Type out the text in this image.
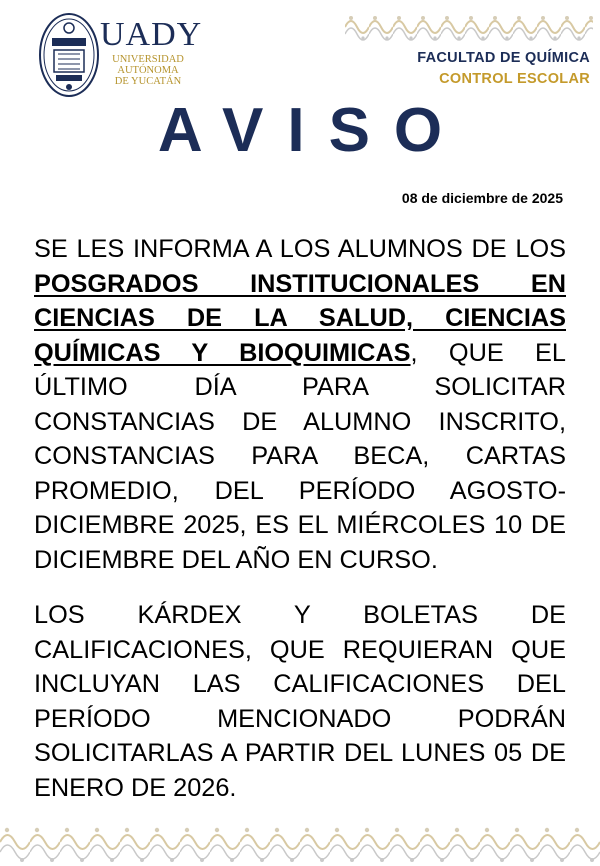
UADY
UNIVERSIDAD
AUTÓNOMA
DE YUCATÁN
FACULTAD DE QUÍMICA
CONTROL ESCOLAR
AVISO
08 de diciembre de 2025
SE LES INFORMA A LOS ALUMNOS DE LOS POSGRADOS INSTITUCIONALES EN CIENCIAS DE LA SALUD, CIENCIAS QUÍMICAS Y BIOQUIMICAS, QUE EL ÚLTIMO DÍA PARA SOLICITAR CONSTANCIAS DE ALUMNO INSCRITO, CONSTANCIAS PARA BECA, CARTAS PROMEDIO, DEL PERÍODO AGOSTO-DICIEMBRE 2025, ES EL MIÉRCOLES 10 DE DICIEMBRE DEL AÑO EN CURSO.
LOS KÁRDEX Y BOLETAS DE CALIFICACIONES, QUE REQUIERAN QUE INCLUYAN LAS CALIFICACIONES DEL PERÍODO MENCIONADO PODRÁN SOLICITARLAS A PARTIR DEL LUNES 05 DE ENERO DE 2026.
